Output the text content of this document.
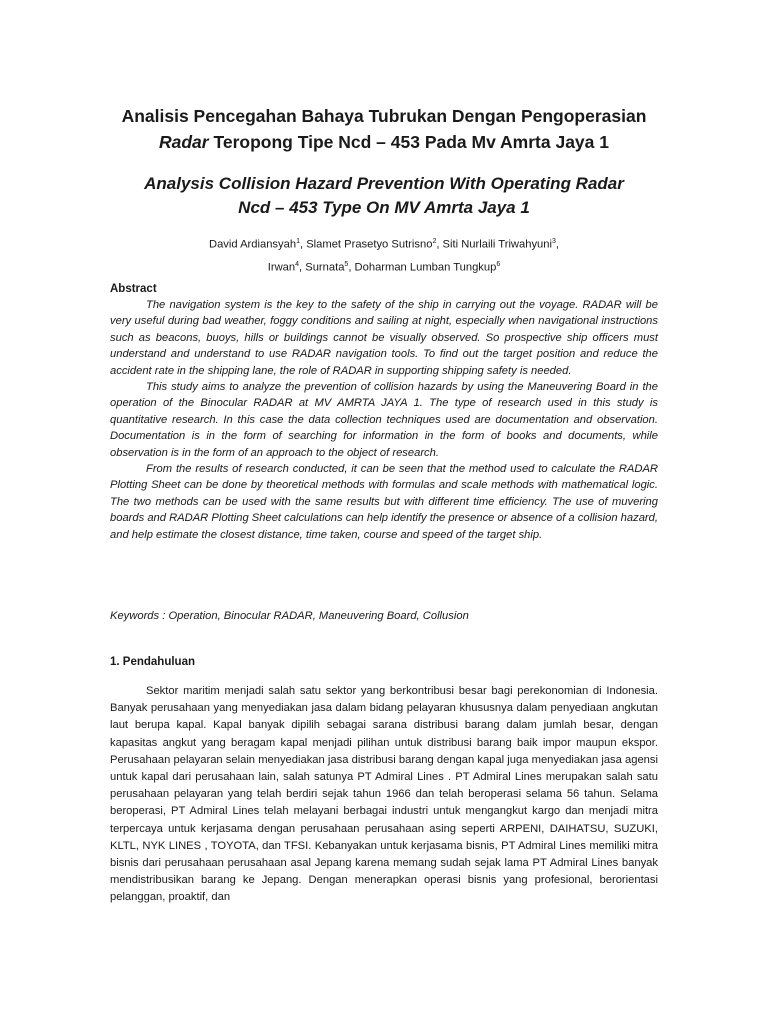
Analisis Pencegahan Bahaya Tubrukan Dengan Pengoperasian
Radar Teropong Tipe Ncd – 453 Pada Mv Amrta Jaya 1
Analysis Collision Hazard Prevention With Operating Radar
Ncd – 453 Type On MV Amrta Jaya 1
David Ardiansyah$^1$, Slamet Prasetyo Sutrisno$^2$, Siti Nurlaili Triwahyuni$^3$,
Irwan$^4$, Surnata$^5$, Doharman Lumban Tungkup$^6$
Abstract

The navigation system is the key to the safety of the ship in carrying out the voyage. RADAR will be very useful during bad weather, foggy conditions and sailing at night, especially when navigational instructions such as beacons, buoys, hills or buildings cannot be visually observed. So prospective ship officers must understand and understand to use RADAR navigation tools. To find out the target position and reduce the accident rate in the shipping lane, the role of RADAR in supporting shipping safety is needed.

This study aims to analyze the prevention of collision hazards by using the Maneuvering Board in the operation of the Binocular RADAR at MV AMRTA JAYA 1. The type of research used in this study is quantitative research. In this case the data collection techniques used are documentation and observation. Documentation is in the form of searching for information in the form of books and documents, while observation is in the form of an approach to the object of research.

From the results of research conducted, it can be seen that the method used to calculate the RADAR Plotting Sheet can be done by theoretical methods with formulas and scale methods with mathematical logic. The two methods can be used with the same results but with different time efficiency. The use of muvering boards and RADAR Plotting Sheet calculations can help identify the presence or absence of a collision hazard, and help estimate the closest distance, time taken, course and speed of the target ship.

Keywords : Operation, Binocular RADAR, Maneuvering Board, Collusion
1. Pendahuluan

Sektor maritim menjadi salah satu sektor yang berkontribusi besar bagi perekonomian di Indonesia. Banyak perusahaan yang menyediakan jasa dalam bidang pelayaran khususnya dalam penyediaan angkutan laut berupa kapal. Kapal banyak dipilih sebagai sarana distribusi barang dalam jumlah besar, dengan kapasitas angkut yang beragam kapal menjadi pilihan untuk distribusi barang baik impor maupun ekspor. Perusahaan pelayaran selain menyediakan jasa distribusi barang dengan kapal juga menyediakan jasa agensi untuk kapal dari perusahaan lain, salah satunya PT Admiral Lines . PT Admiral Lines merupakan salah satu perusahaan pelayaran yang telah berdiri sejak tahun 1966 dan telah beroperasi selama 56 tahun. Selama beroperasi, PT Admiral Lines telah melayani berbagai industri untuk mengangkut kargo dan menjadi mitra terpercaya untuk kerjasama dengan perusahaan perusahaan asing seperti ARPENI, DAIHATSU, SUZUKI, KLTL, NYK LINES , TOYOTA, dan TFSI. Kebanyakan untuk kerjasama bisnis, PT Admiral Lines memiliki mitra bisnis dari perusahaan perusahaan asal Jepang karena memang sudah sejak lama PT Admiral Lines banyak mendistribusikan barang ke Jepang. Dengan menerapkan operasi bisnis yang profesional, berorientasi pelanggan, proaktif, dan
